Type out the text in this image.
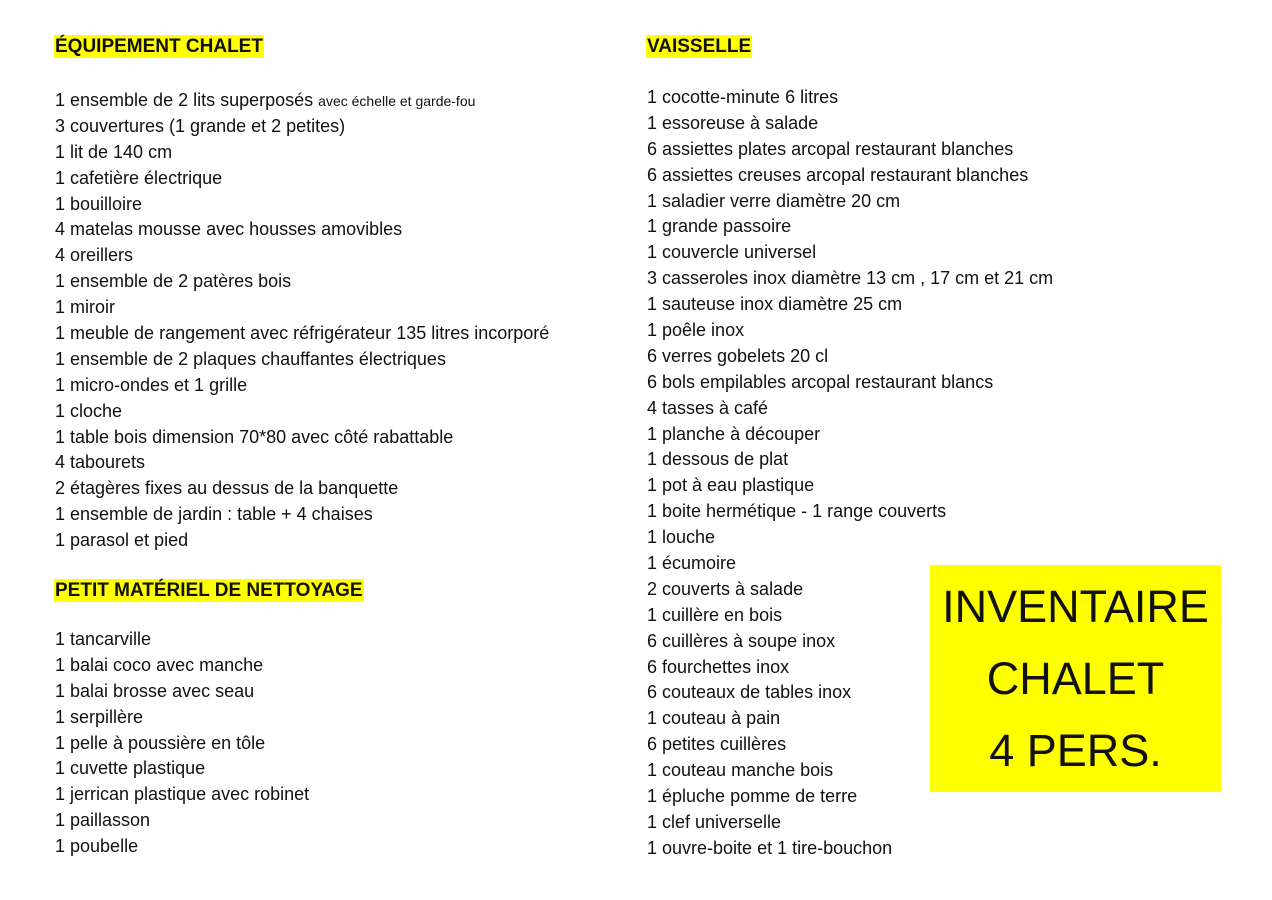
ÉQUIPEMENT CHALET
1 ensemble de 2 lits superposés avec échelle et garde-fou
3 couvertures (1 grande et 2 petites)
1 lit de 140 cm
1 cafetière électrique
1 bouilloire
4 matelas mousse avec housses amovibles
4 oreillers
1 ensemble de 2 patères bois
1 miroir
1 meuble de rangement avec réfrigérateur 135 litres incorporé
1 ensemble de 2 plaques chauffantes électriques
1 micro-ondes et 1 grille
1 cloche
1 table bois dimension 70*80 avec côté rabattable
4 tabourets
2 étagères fixes au dessus de la banquette
1 ensemble de jardin : table + 4 chaises
1 parasol et pied
PETIT MATÉRIEL DE NETTOYAGE
1 tancarville
1 balai coco avec manche
1 balai brosse avec seau
1 serpillère
1 pelle à poussière en tôle
1 cuvette plastique
1 jerrican plastique avec robinet
1 paillasson
1 poubelle
VAISSELLE
1 cocotte-minute 6 litres
1 essoreuse à salade
6 assiettes plates arcopal restaurant blanches
6 assiettes creuses arcopal restaurant blanches
1 saladier verre diamètre 20 cm
1 grande passoire
1 couvercle universel
3 casseroles inox diamètre 13 cm , 17 cm et 21 cm
1 sauteuse inox diamètre 25 cm
1 poêle inox
6 verres gobelets 20 cl
6 bols empilables arcopal restaurant blancs
4 tasses à café
1 planche à découper
1 dessous de plat
1 pot à eau plastique
1 boite hermétique - 1 range couverts
1 louche
1 écumoire
2 couverts à salade
1 cuillère en bois
6 cuillères à soupe inox
6 fourchettes inox
6 couteaux de tables inox
1 couteau à pain
6 petites cuillères
1 couteau manche bois
1 épluche pomme de terre
1 clef universelle
1 ouvre-boite et 1 tire-bouchon
INVENTAIRE
CHALET
4 PERS.
